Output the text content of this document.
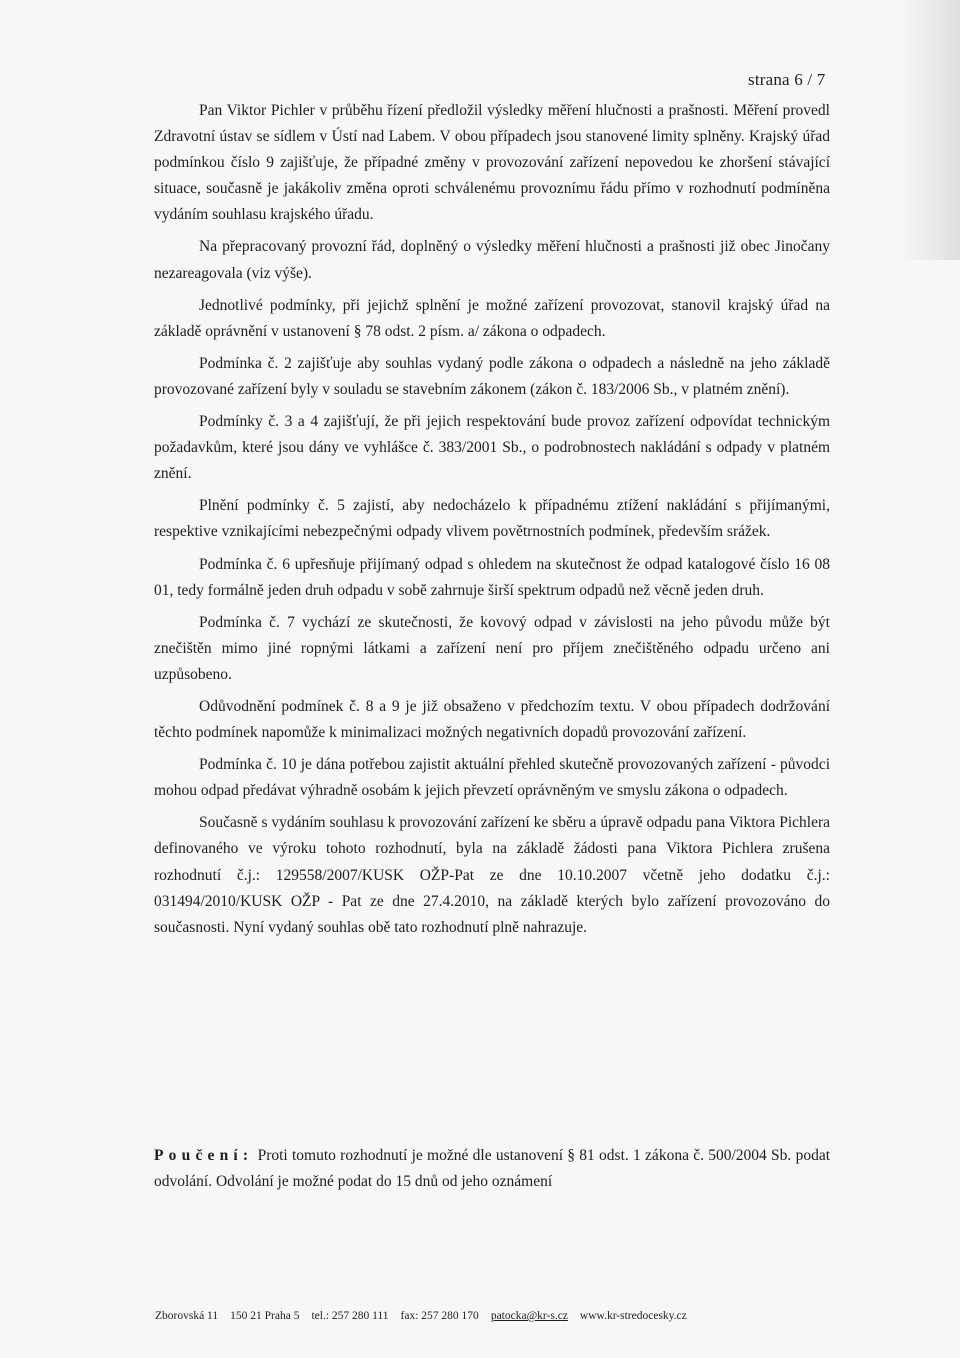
strana 6 / 7

Pan Viktor Pichler v průběhu řízení předložil výsledky měření hlučnosti a prašnosti. Měření provedl Zdravotní ústav se sídlem v Ústí nad Labem. V obou případech jsou stanovené limity splněny. Krajský úřad podmínkou číslo 9 zajišťuje, že případné změny v provozování zařízení nepovedou ke zhoršení stávající situace, současně je jakákoliv změna oproti schválenému provoznímu řádu přímo v rozhodnutí podmíněna vydáním souhlasu krajského úřadu.

Na přepracovaný provozní řád, doplněný o výsledky měření hlučnosti a prašnosti již obec Jinočany nezareagovala (viz výše).

Jednotlivé podmínky, při jejichž splnění je možné zařízení provozovat, stanovil krajský úřad na základě oprávnění v ustanovení § 78 odst. 2 písm. a/ zákona o odpadech.

Podmínka č. 2 zajišťuje aby souhlas vydaný podle zákona o odpadech a následně na jeho základě provozované zařízení byly v souladu se stavebním zákonem (zákon č. 183/2006 Sb., v platném znění).

Podmínky č. 3 a 4 zajišťují, že při jejich respektování bude provoz zařízení odpovídat technickým požadavkům, které jsou dány ve vyhlášce č. 383/2001 Sb., o podrobnostech nakládání s odpady v platném znění.

Plnění podmínky č. 5 zajistí, aby nedocházelo k případnému ztížení nakládání s přijímanými, respektive vznikajícími nebezpečnými odpady vlivem povětrnostních podmínek, především srážek.

Podmínka č. 6 upřesňuje přijímaný odpad s ohledem na skutečnost že odpad katalogové číslo 16 08 01, tedy formálně jeden druh odpadu v sobě zahrnuje širší spektrum odpadů než věcně jeden druh.

Podmínka č. 7 vychází ze skutečnosti, že kovový odpad v závislosti na jeho původu může být znečištěn mimo jiné ropnými látkami a zařízení není pro příjem znečištěného odpadu určeno ani uzpůsobeno.

Odůvodnění podmínek č. 8 a 9 je již obsaženo v předchozím textu. V obou případech dodržování těchto podmínek napomůže k minimalizaci možných negativních dopadů provozování zařízení.

Podmínka č. 10 je dána potřebou zajistit aktuální přehled skutečně provozovaných zařízení - původci mohou odpad předávat výhradně osobám k jejich převzetí oprávněným ve smyslu zákona o odpadech.

Současně s vydáním souhlasu k provozování zařízení ke sběru a úpravě odpadu pana Viktora Pichlera definovaného ve výroku tohoto rozhodnutí, byla na základě žádosti pana Viktora Pichlera zrušena rozhodnutí č.j.: 129558/2007/KUSK OŽP-Pat ze dne 10.10.2007 včetně jeho dodatku č.j.: 031494/2010/KUSK OŽP - Pat ze dne 27.4.2010, na základě kterých bylo zařízení provozováno do současnosti. Nyní vydaný souhlas obě tato rozhodnutí plně nahrazuje.

Poučení: Proti tomuto rozhodnutí je možné dle ustanovení § 81 odst. 1 zákona č. 500/2004 Sb. podat odvolání. Odvolání je možné podat do 15 dnů od jeho oznámení
Zborovská 11 150 21 Praha 5 tel.: 257 280 111 fax: 257 280 170 patocka@kr-s.cz www.kr-stredocesky.cz
